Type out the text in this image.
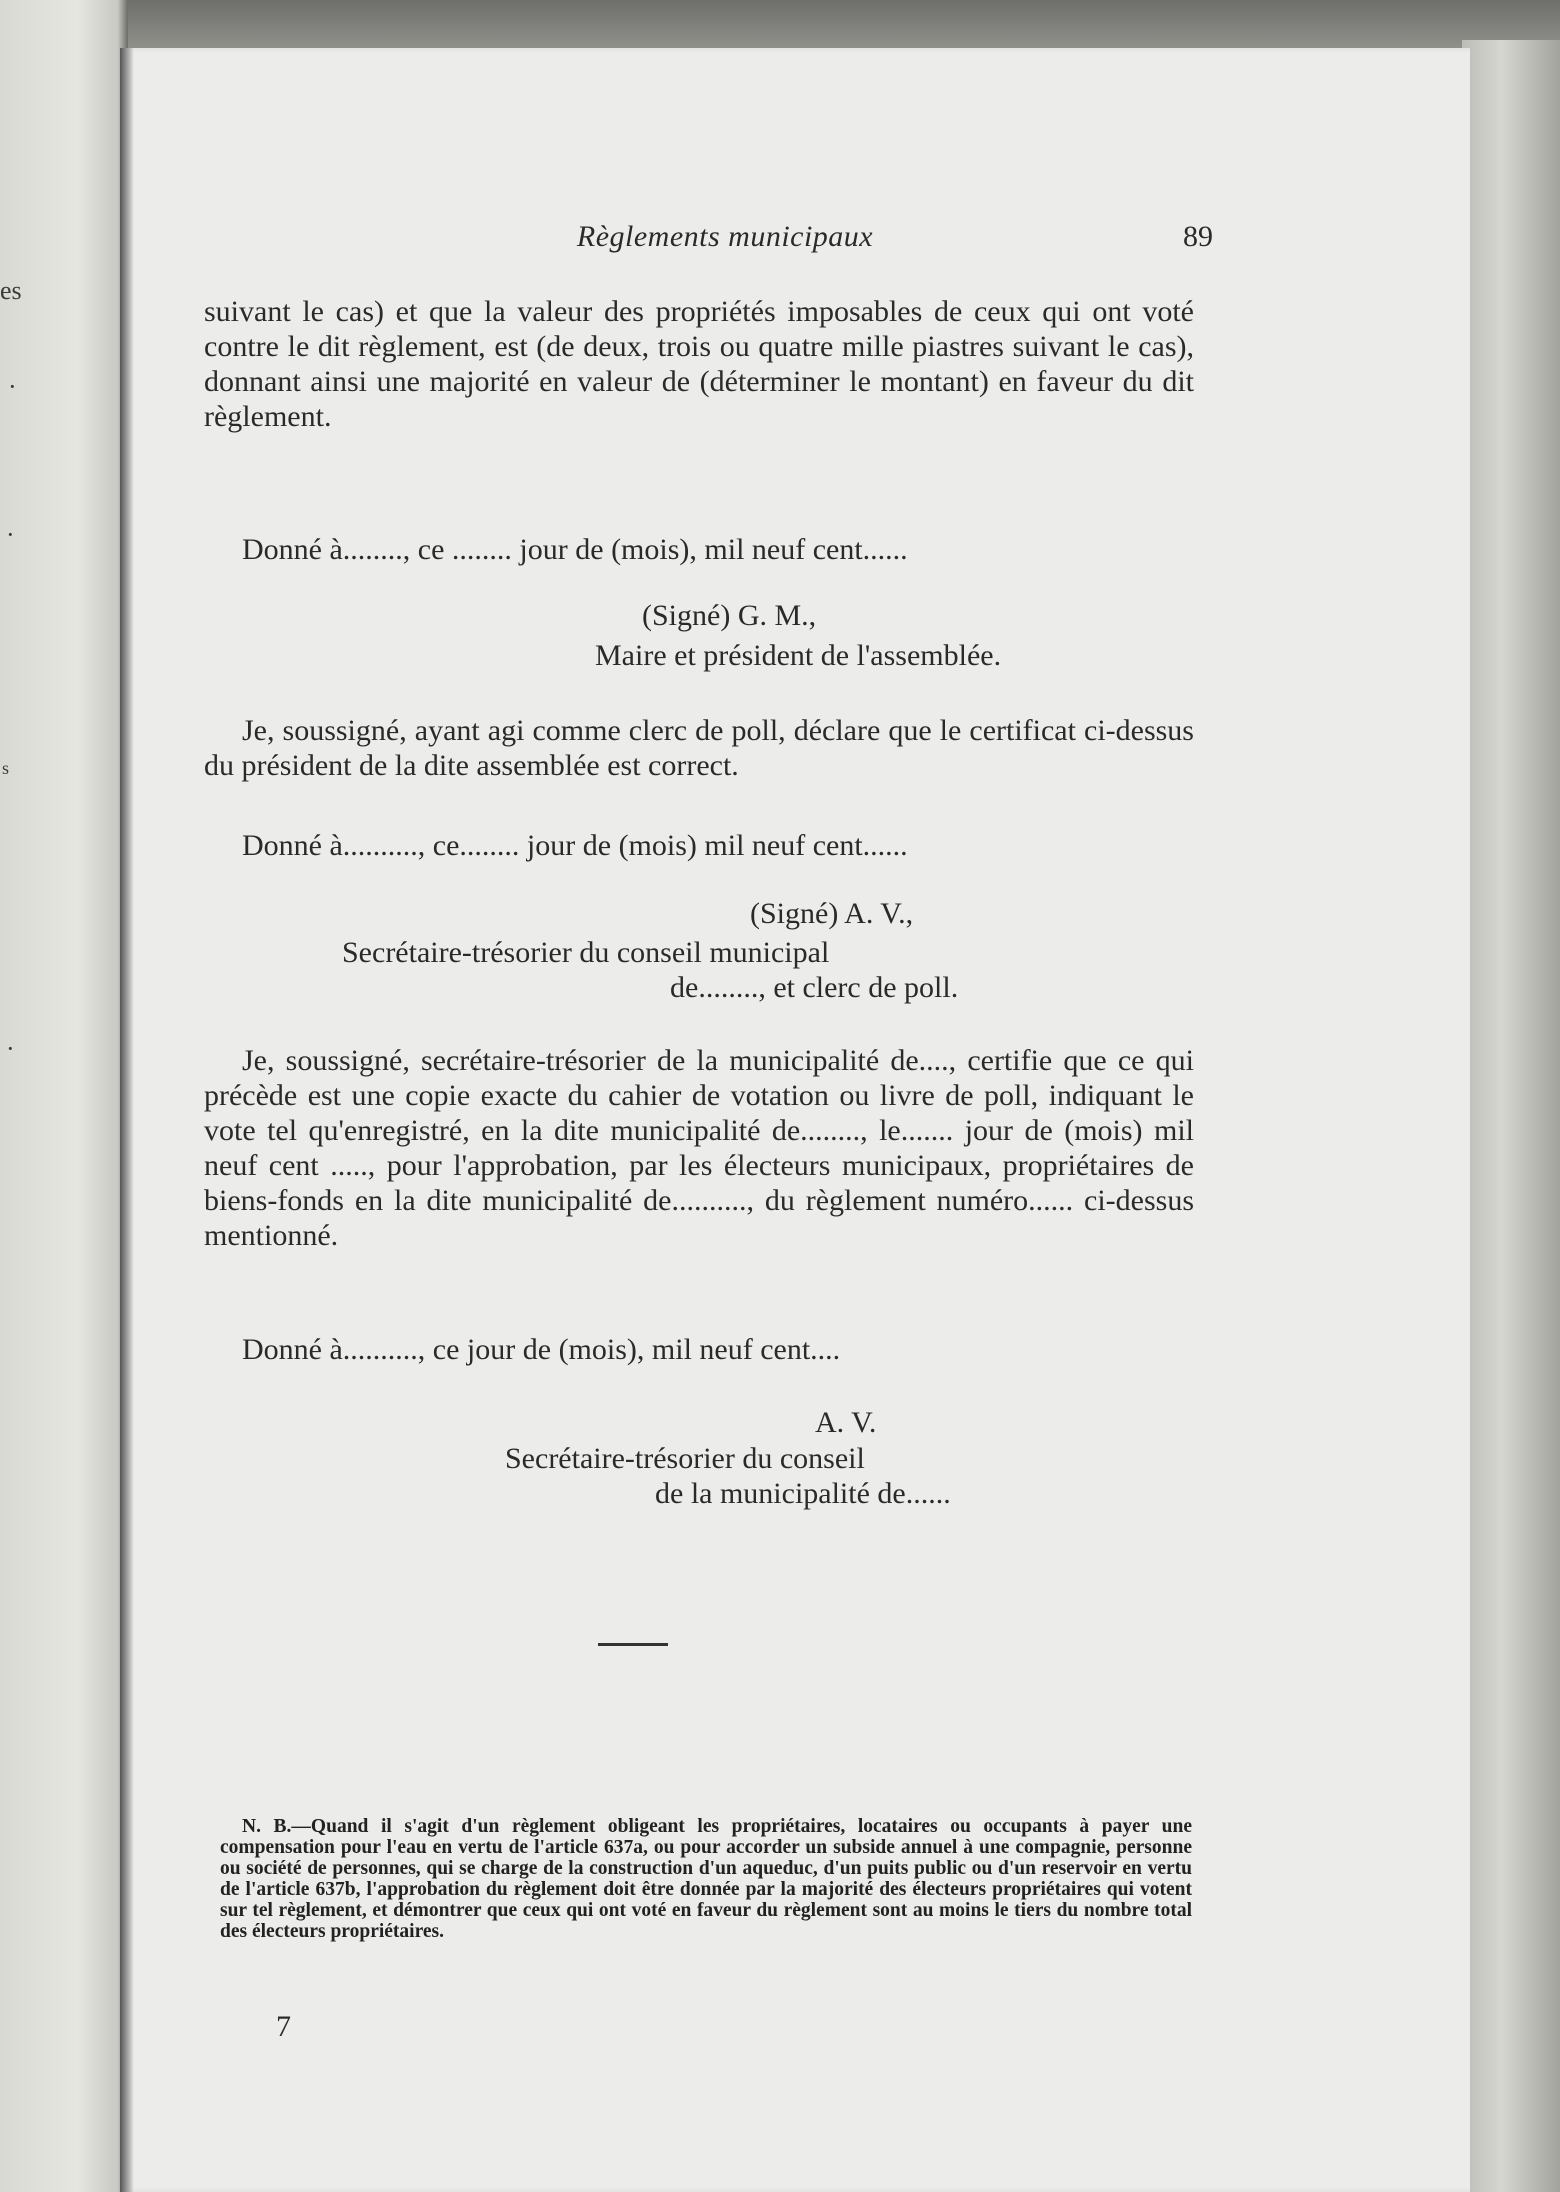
es
·
·
s
·
Règlements municipaux	89

suivant le cas) et que la valeur des propriétés imposables de ceux qui ont voté contre le dit règlement, est (de deux, trois ou quatre mille piastres suivant le cas), donnant ainsi une majorité en valeur de (déterminer le montant) en faveur du dit règlement.

Donné à........, ce ........ jour de (mois), mil neuf cent......

(Signé) G. M.,
Maire et président de l'assemblée.

Je, soussigné, ayant agi comme clerc de poll, déclare que le certificat ci-dessus du président de la dite assemblée est correct.

Donné à.........., ce........ jour de (mois) mil neuf cent......

(Signé) A. V.,
Secrétaire-trésorier du conseil municipal
de........, et clerc de poll.

Je, soussigné, secrétaire-trésorier de la municipalité de...., certifie que ce qui précède est une copie exacte du cahier de votation ou livre de poll, indiquant le vote tel qu'enregistré, en la dite municipalité de........, le....... jour de (mois) mil neuf cent ....., pour l'approbation, par les électeurs municipaux, propriétaires de biens-fonds en la dite municipalité de.........., du règlement numéro...... ci-dessus mentionné.

Donné à.........., ce jour de (mois), mil neuf cent....

A. V.
Secrétaire-trésorier du conseil
de la municipalité de......

N. B.—Quand il s'agit d'un règlement obligeant les propriétaires, locataires ou occupants à payer une compensation pour l'eau en vertu de l'article 637a, ou pour accorder un subside annuel à une compagnie, personne ou société de personnes, qui se charge de la construction d'un aqueduc, d'un puits public ou d'un reservoir en vertu de l'article 637b, l'approbation du règlement doit être donnée par la majorité des électeurs propriétaires qui votent sur tel règlement, et démontrer que ceux qui ont voté en faveur du règlement sont au moins le tiers du nombre total des électeurs propriétaires.

7
